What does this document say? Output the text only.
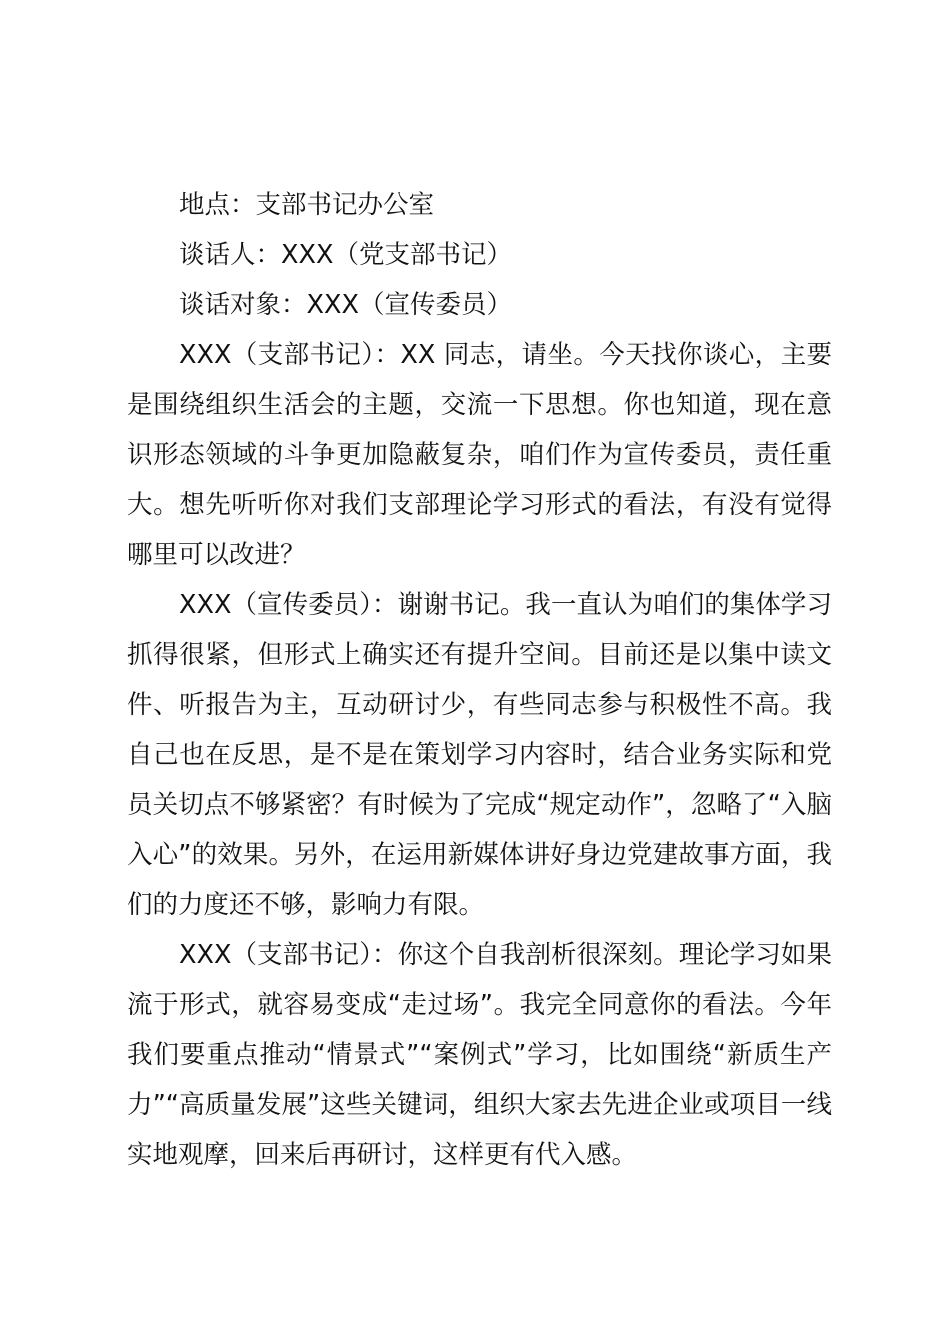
地点：支部书记办公室

谈话人：XXX（党支部书记）

谈话对象：XXX（宣传委员）

XXX（支部书记）：XX 同志，请坐。今天找你谈心，主要是围绕组织生活会的主题，交流一下思想。你也知道，现在意识形态领域的斗争更加隐蔽复杂，咱们作为宣传委员，责任重大。想先听听你对我们支部理论学习形式的看法，有没有觉得哪里可以改进？

XXX（宣传委员）：谢谢书记。我一直认为咱们的集体学习抓得很紧，但形式上确实还有提升空间。目前还是以集中读文件、听报告为主，互动研讨少，有些同志参与积极性不高。我自己也在反思，是不是在策划学习内容时，结合业务实际和党员关切点不够紧密？有时候为了完成“规定动作”，忽略了“入脑入心”的效果。另外，在运用新媒体讲好身边党建故事方面，我们的力度还不够，影响力有限。

XXX（支部书记）：你这个自我剖析很深刻。理论学习如果流于形式，就容易变成“走过场”。我完全同意你的看法。今年我们要重点推动“情景式”“案例式”学习，比如围绕“新质生产力”“高质量发展”这些关键词，组织大家去先进企业或项目一线实地观摩，回来后再研讨，这样更有代入感。
